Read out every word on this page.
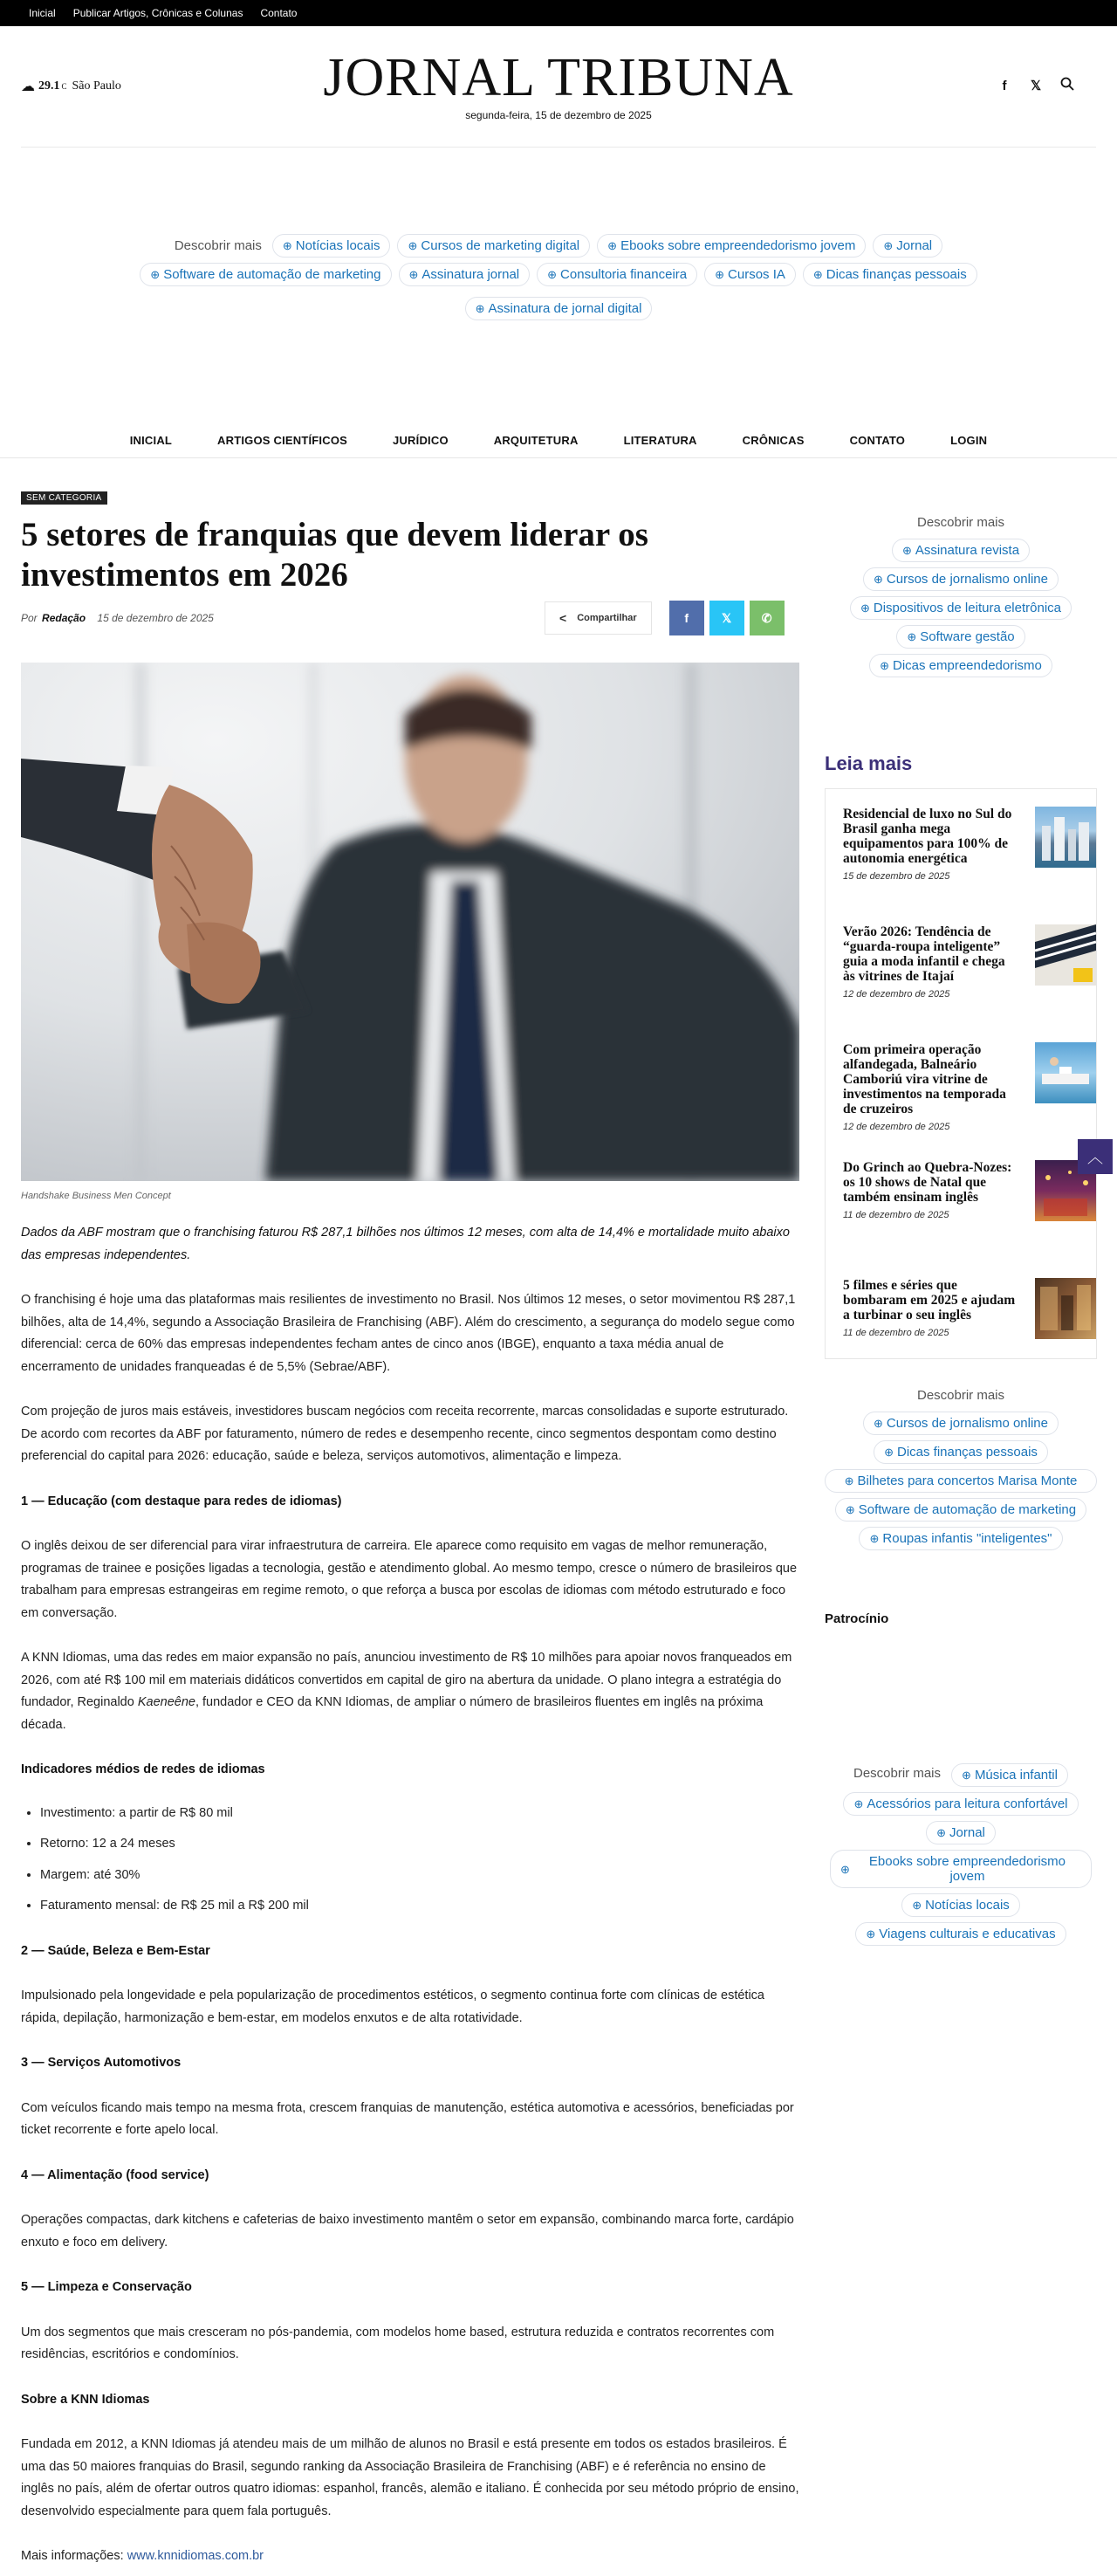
Inicial Publicar Artigos, Crônicas e Colunas Contato
☁ 29.1 C São Paulo	JORNAL TRIBUNA
segunda-feira, 15 de dezembro de 2025
f	𝕏
Descobrir mais ⊕ Notícias locais ⊕ Cursos de marketing digital ⊕ Ebooks sobre empreendedorismo jovem ⊕ Jornal
⊕ Software de automação de marketing ⊕ Assinatura jornal ⊕ Consultoria financeira ⊕ Cursos IA ⊕ Dicas finanças pessoais
⊕ Assinatura de jornal digital
INICIAL	ARTIGOS CIENTÍFICOS	JURÍDICO	ARQUITETURA	LITERATURA	CRÔNICAS	CONTATO	LOGIN
SEM CATEGORIA
5 setores de franquias que devem liderar os investimentos em 2026
Por Redação 15 de dezembro de 2025	< Compartilhar	f	𝕏	✆
Handshake Business Men Concept

Dados da ABF mostram que o franchising faturou R$ 287,1 bilhões nos últimos 12 meses, com alta de 14,4% e mortalidade muito abaixo das empresas independentes.

O franchising é hoje uma das plataformas mais resilientes de investimento no Brasil. Nos últimos 12 meses, o setor movimentou R$ 287,1 bilhões, alta de 14,4%, segundo a Associação Brasileira de Franchising (ABF). Além do crescimento, a segurança do modelo segue como diferencial: cerca de 60% das empresas independentes fecham antes de cinco anos (IBGE), enquanto a taxa média anual de encerramento de unidades franqueadas é de 5,5% (Sebrae/ABF).

Com projeção de juros mais estáveis, investidores buscam negócios com receita recorrente, marcas consolidadas e suporte estruturado. De acordo com recortes da ABF por faturamento, número de redes e desempenho recente, cinco segmentos despontam como destino preferencial do capital para 2026: educação, saúde e beleza, serviços automotivos, alimentação e limpeza.

1 — Educação (com destaque para redes de idiomas)

O inglês deixou de ser diferencial para virar infraestrutura de carreira. Ele aparece como requisito em vagas de melhor remuneração, programas de trainee e posições ligadas a tecnologia, gestão e atendimento global. Ao mesmo tempo, cresce o número de brasileiros que trabalham para empresas estrangeiras em regime remoto, o que reforça a busca por escolas de idiomas com método estruturado e foco em conversação.

A KNN Idiomas, uma das redes em maior expansão no país, anunciou investimento de R$ 10 milhões para apoiar novos franqueados em 2026, com até R$ 100 mil em materiais didáticos convertidos em capital de giro na abertura da unidade. O plano integra a estratégia do fundador, Reginaldo Kaeneêne, fundador e CEO da KNN Idiomas, de ampliar o número de brasileiros fluentes em inglês na próxima década.

Indicadores médios de redes de idiomas
• Investimento: a partir de R$ 80 mil
• Retorno: 12 a 24 meses
• Margem: até 30%
• Faturamento mensal: de R$ 25 mil a R$ 200 mil
2 — Saúde, Beleza e Bem-Estar

Impulsionado pela longevidade e pela popularização de procedimentos estéticos, o segmento continua forte com clínicas de estética rápida, depilação, harmonização e bem-estar, em modelos enxutos e de alta rotatividade.

3 — Serviços Automotivos

Com veículos ficando mais tempo na mesma frota, crescem franquias de manutenção, estética automotiva e acessórios, beneficiadas por ticket recorrente e forte apelo local.

4 — Alimentação (food service)

Operações compactas, dark kitchens e cafeterias de baixo investimento mantêm o setor em expansão, combinando marca forte, cardápio enxuto e foco em delivery.

5 — Limpeza e Conservação

Um dos segmentos que mais cresceram no pós-pandemia, com modelos home based, estrutura reduzida e contratos recorrentes com residências, escritórios e condomínios.

Sobre a KNN Idiomas

Fundada em 2012, a KNN Idiomas já atendeu mais de um milhão de alunos no Brasil e está presente em todos os estados brasileiros. É uma das 50 maiores franquias do Brasil, segundo ranking da Associação Brasileira de Franchising (ABF) e é referência no ensino de inglês no país, além de ofertar outros quatro idiomas: espanhol, francês, alemão e italiano. É conhecida por seu método próprio de ensino, desenvolvido especialmente para quem fala português.

Mais informações: www.knnidiomas.com.br

Descobrir mais
⊕ Assinatura revista
⊕ Cursos de jornalismo online
⊕ Dispositivos de leitura eletrônica
⊕ Software gestão
⊕ Dicas empreendedorismo
Leia mais
Residencial de luxo no Sul do Brasil ganha mega equipamentos para 100% de autonomia energética
15 de dezembro de 2025
Verão 2026: Tendência de “guarda-roupa inteligente” guia a moda infantil e chega às vitrines de Itajaí
12 de dezembro de 2025
Com primeira operação alfandegada, Balneário Camboriú vira vitrine de investimentos na temporada de cruzeiros
12 de dezembro de 2025
Do Grinch ao Quebra-Nozes: os 10 shows de Natal que também ensinam inglês
11 de dezembro de 2025
5 filmes e séries que bombaram em 2025 e ajudam a turbinar o seu inglês
11 de dezembro de 2025
Descobrir mais
⊕ Cursos de jornalismo online
⊕ Dicas finanças pessoais
⊕ Bilhetes para concertos Marisa Monte
⊕ Software de automação de marketing
⊕ Roupas infantis "inteligentes"
Patrocínio
Descobrir mais ⊕ Música infantil
⊕ Acessórios para leitura confortável
⊕ Jornal
⊕	Ebooks sobre empreendedorismo jovem
⊕ Notícias locais
⊕ Viagens culturais e educativas
︿
